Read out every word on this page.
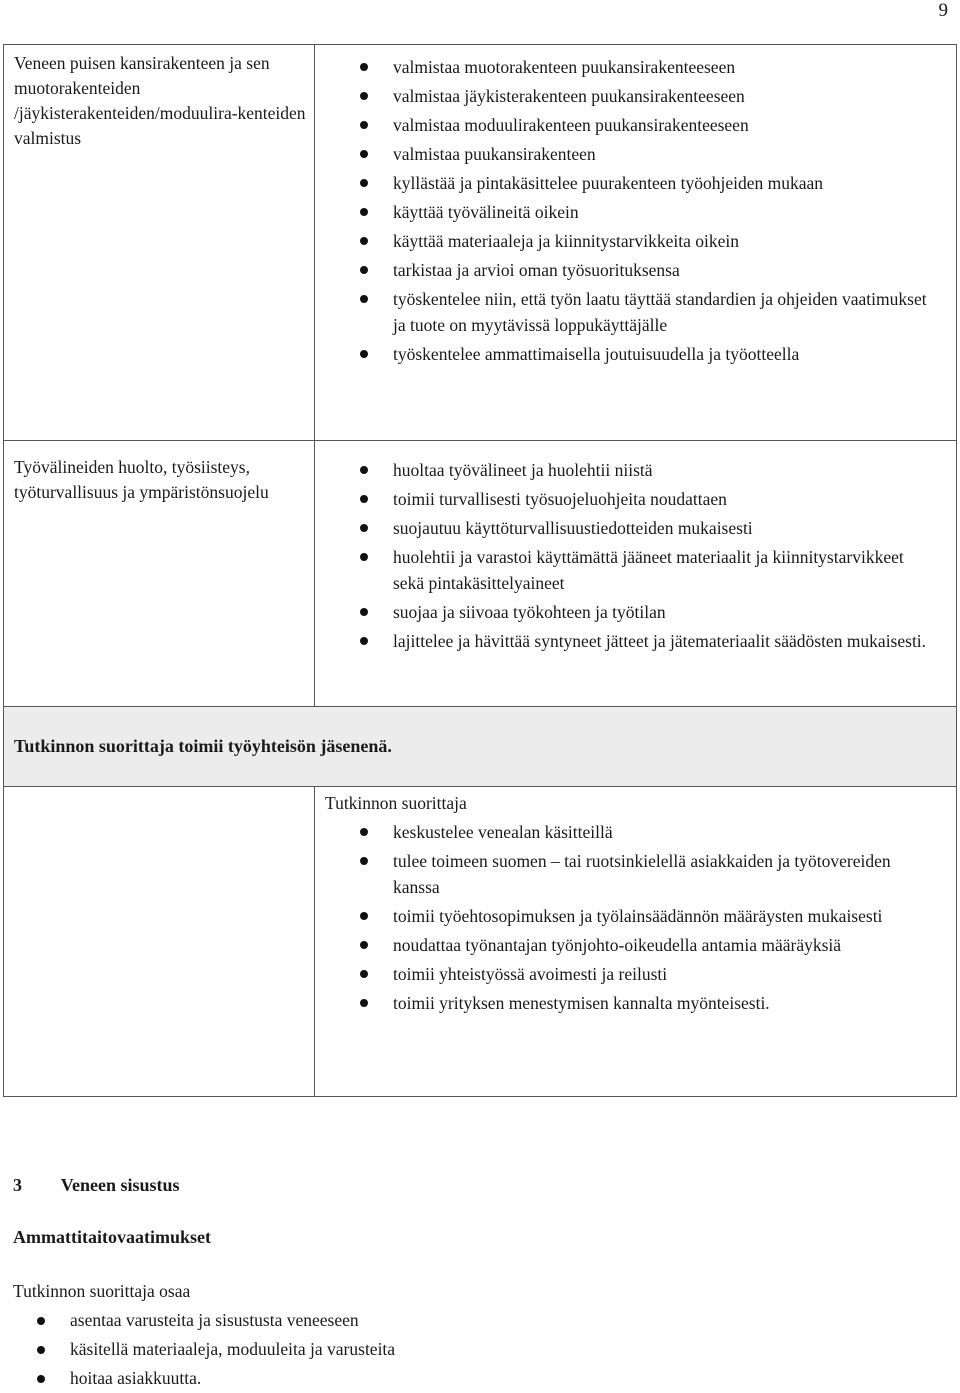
9
Veneen puisen kansirakenteen ja sen muotorakenteiden /jäykisterakenteiden/moduulira-kenteiden valmistus
valmistaa muotorakenteen puukansirakenteeseen
valmistaa jäykisterakenteen puukansirakenteeseen
valmistaa moduulirakenteen puukansirakenteeseen
valmistaa puukansirakenteen
kyllästää ja pintakäsittelee puurakenteen työohjeiden mukaan
käyttää työvälineitä oikein
käyttää materiaaleja ja kiinnitystarvikkeita oikein
tarkistaa ja arvioi oman työsuorituksensa
työskentelee niin, että työn laatu täyttää standardien ja ohjeiden vaatimukset ja tuote on myytävissä loppukäyttäjälle
työskentelee ammattimaisella joutuisuudella ja työotteella
Työvälineiden huolto, työsiisteys, työturvallisuus ja ympäristönsuojelu
huoltaa työvälineet ja huolehtii niistä
toimii turvallisesti työsuojeluohjeita noudattaen
suojautuu käyttöturvallisuustiedotteiden mukaisesti
huolehtii ja varastoi käyttämättä jääneet materiaalit ja kiinnitystarvikkeet sekä pintakäsittelyaineet
suojaa ja siivoaa työkohteen ja työtilan
lajittelee ja hävittää syntyneet jätteet ja jätemateriaalit säädösten mukaisesti.
Tutkinnon suorittaja toimii työyhteisön jäsenenä.
Tutkinnon suorittaja
keskustelee venealan käsitteillä
tulee toimeen suomen – tai ruotsinkielellä asiakkaiden ja työtovereiden kanssa
toimii työehtosopimuksen ja työlainsäädännön määräysten mukaisesti
noudattaa työnantajan työnjohto-oikeudella antamia määräyksiä
toimii yhteistyössä avoimesti ja reilusti
toimii yrityksen menestymisen kannalta myönteisesti.
3 Veneen sisustus
Ammattitaitovaatimukset
Tutkinnon suorittaja osaa
asentaa varusteita ja sisustusta veneeseen
käsitellä materiaaleja, moduuleita ja varusteita
hoitaa asiakkuutta.
